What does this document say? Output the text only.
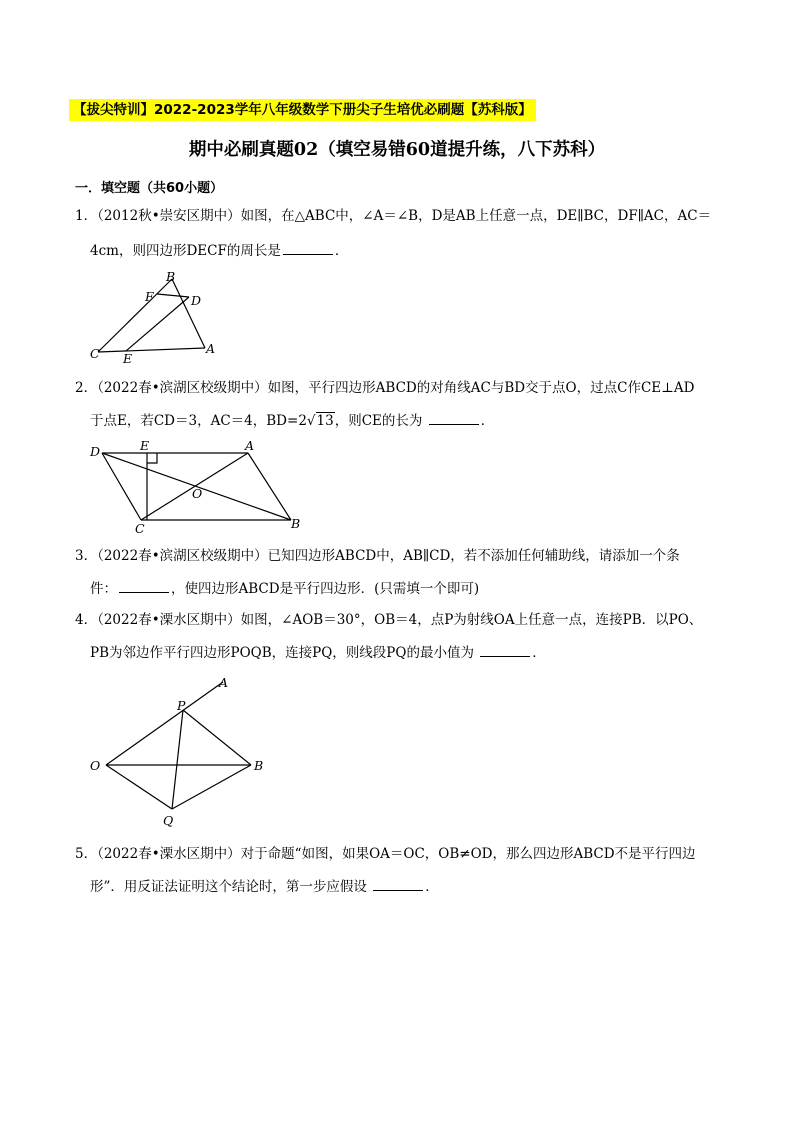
【拔尖特训】2022-2023学年八年级数学下册尖子生培优必刷题【苏科版】
期中必刷真题02（填空易错60道提升练，八下苏科）
一．填空题（共60小题）
1．（2012秋•崇安区期中）如图，在△ABC中，∠A＝∠B，D是AB上任意一点，DE∥BC，DF∥AC，AC＝
4cm，则四边形DECF的周长是	．
B
F	D
C E
A
2．（2022春•滨湖区校级期中）如图，平行四边形ABCD的对角线AC与BD交于点O，过点C作CE⊥AD
于点E，若CD＝3，AC＝4，BD=2√13，则CE的长为	．
D	E	A
O
C	B
3．（2022春•滨湖区校级期中）已知四边形ABCD中，AB∥CD，若不添加任何辅助线，请添加一个条
件：	，使四边形ABCD是平行四边形．(只需填一个即可)
4．（2022春•溧水区期中）如图，∠AOB＝30°，OB＝4，点P为射线OA上任意一点，连接PB．以PO、
PB为邻边作平行四边形POQB，连接PQ，则线段PQ的最小值为	．
A
P
O	B
Q
5．（2022春•溧水区期中）对于命题“如图，如果OA＝OC，OB≠OD，那么四边形ABCD不是平行四边
形”．用反证法证明这个结论时，第一步应假设	．
